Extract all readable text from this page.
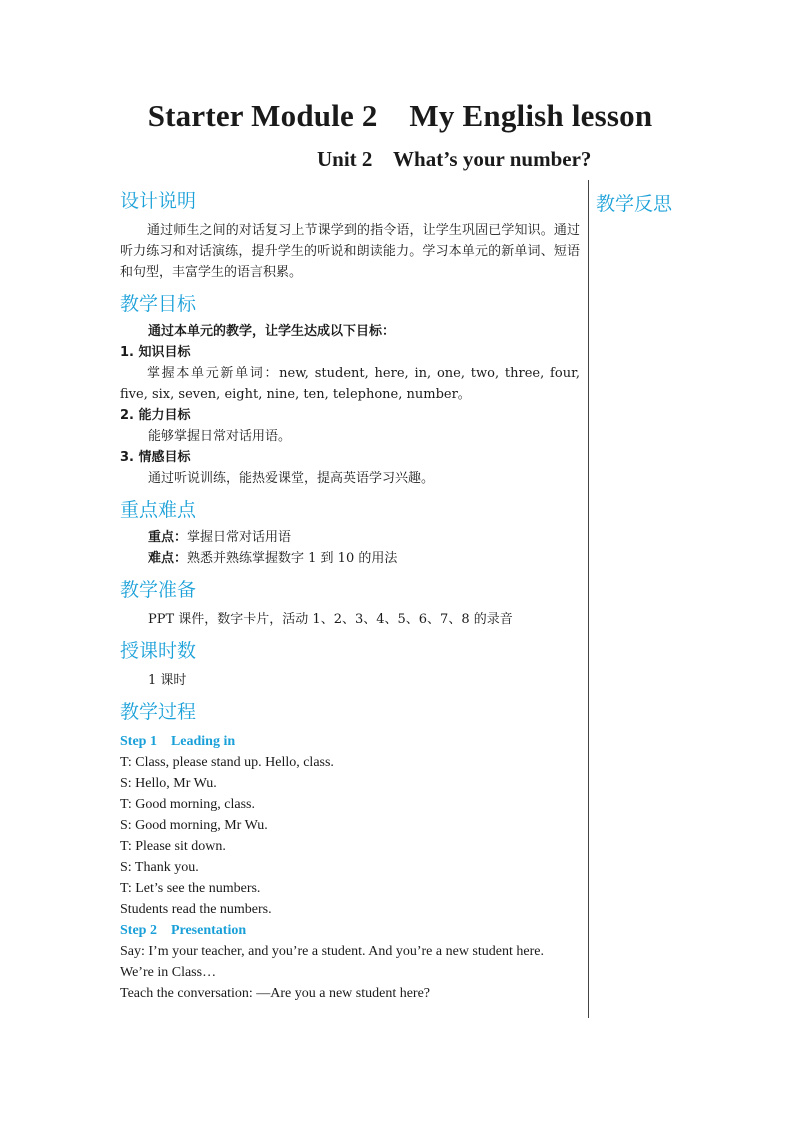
Starter Module 2    My English lesson
Unit 2    What’s your number?
教学反思
设计说明

通过师生之间的对话复习上节课学到的指令语，让学生巩固已学知识。通过听力练习和对话演练，提升学生的听说和朗读能力。学习本单元的新单词、短语和句型，丰富学生的语言积累。

教学目标

通过本单元的教学，让学生达成以下目标：

1. 知识目标

掌握本单元新单词：new, student, here, in, one, two, three, four, five, six, seven, eight, nine, ten, telephone, number。

2. 能力目标

能够掌握日常对话用语。

3. 情感目标

通过听说训练，能热爱课堂，提高英语学习兴趣。

重点难点

重点：掌握日常对话用语

难点：熟悉并熟练掌握数字 1 到 10 的用法

教学准备

PPT 课件，数字卡片，活动 1、2、3、4、5、6、7、8 的录音

授课时数

1 课时

教学过程

Step 1    Leading in

T: Class, please stand up. Hello, class.

S: Hello, Mr Wu.

T: Good morning, class.

S: Good morning, Mr Wu.

T: Please sit down.

S: Thank you.

T: Let’s see the numbers.

Students read the numbers.

Step 2    Presentation

Say: I’m your teacher, and you’re a student. And you’re a new student here.

We’re in Class…

Teach the conversation: —Are you a new student here?
